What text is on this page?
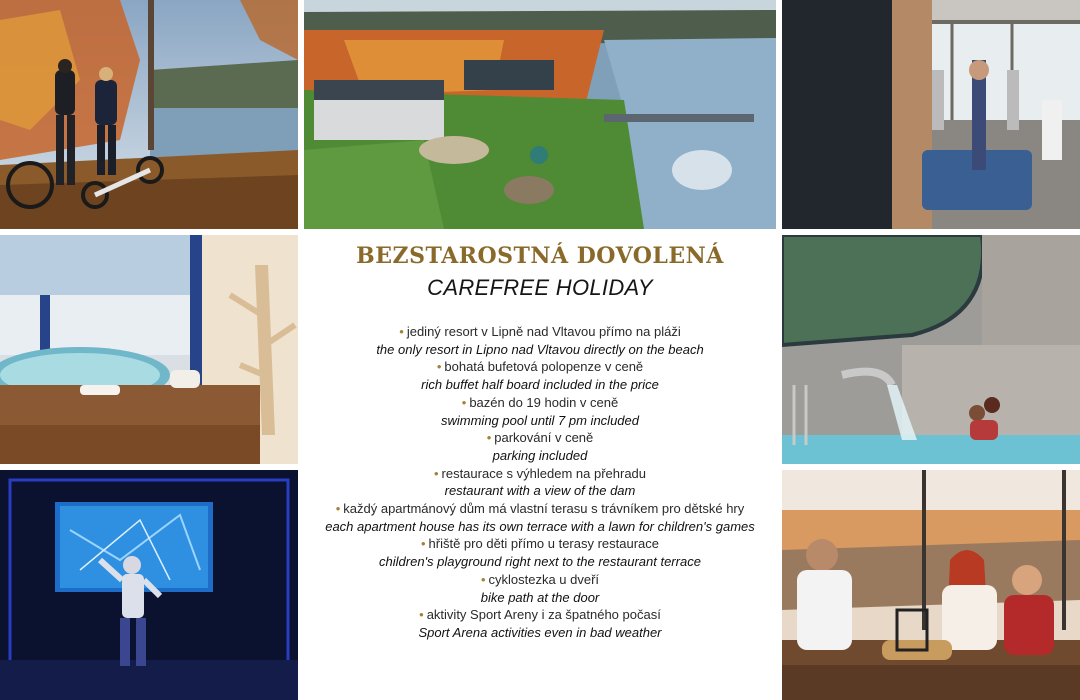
BEZSTAROSTNÁ DOVOLENÁ
CAREFREE HOLIDAY
• jediný resort v Lipně nad Vltavou přímo na pláži
the only resort in Lipno nad Vltavou directly on the beach
• bohatá bufetová polopenze v ceně
rich buffet half board included in the price
• bazén do 19 hodin v ceně
swimming pool until 7 pm included
• parkování v ceně
parking included
• restaurace s výhledem na přehradu
restaurant with a view of the dam
• každý apartmánový dům má vlastní terasu s trávníkem pro dětské hry
each apartment house has its own terrace with a lawn for children's games
• hřiště pro děti přímo u terasy restaurace
children's playground right next to the restaurant terrace
• cyklostezka u dveří
bike path at the door
• aktivity Sport Areny i za špatného počasí
Sport Arena activities even in bad weather
